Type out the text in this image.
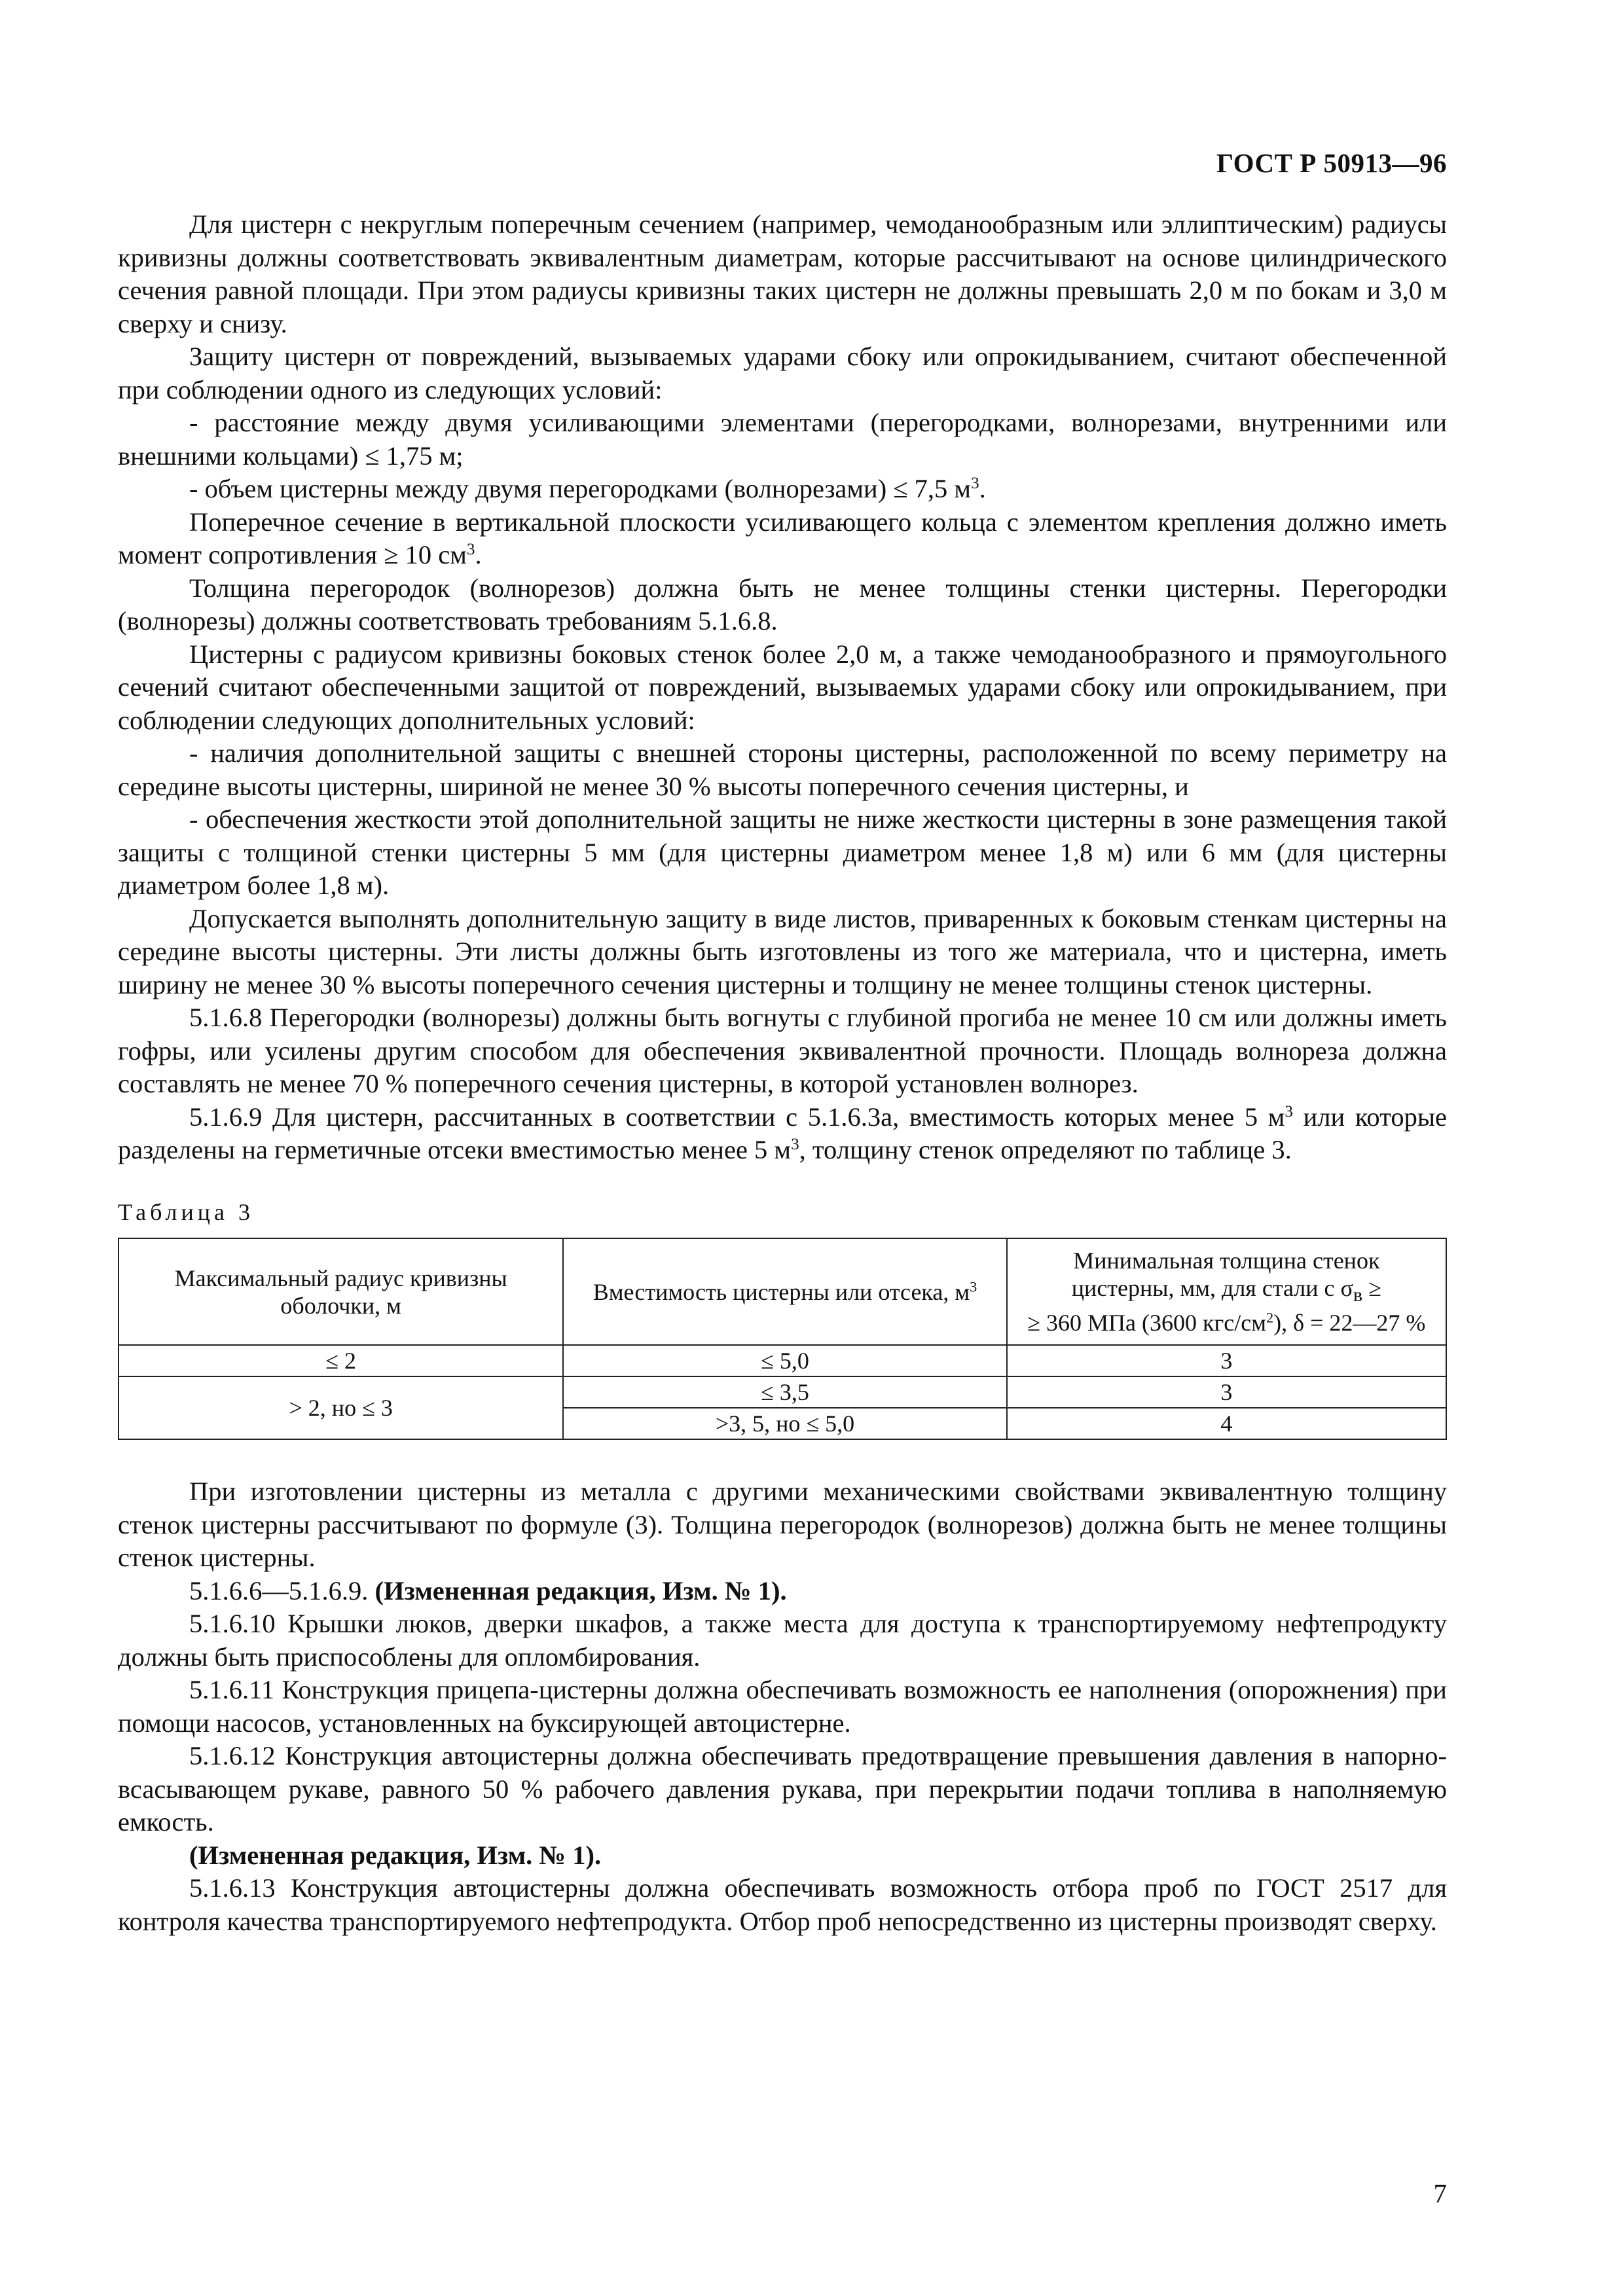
ГОСТ Р 50913—96

Для цистерн с некруглым поперечным сечением (например, чемоданообразным или эллиптическим) радиусы кривизны должны соответствовать эквивалентным диаметрам, которые рассчитывают на основе цилиндрического сечения равной площади. При этом радиусы кривизны таких цистерн не должны превышать 2,0 м по бокам и 3,0 м сверху и снизу.

Защиту цистерн от повреждений, вызываемых ударами сбоку или опрокидыванием, считают обеспеченной при соблюдении одного из следующих условий:

- расстояние между двумя усиливающими элементами (перегородками, волнорезами, внутренними или внешними кольцами) ≤ 1,75 м;

- объем цистерны между двумя перегородками (волнорезами) ≤ 7,5 $м^3$.

Поперечное сечение в вертикальной плоскости усиливающего кольца с элементом крепления должно иметь момент сопротивления ≥ 10 $см^3$.

Толщина перегородок (волнорезов) должна быть не менее толщины стенки цистерны. Перегородки (волнорезы) должны соответствовать требованиям 5.1.6.8.

Цистерны с радиусом кривизны боковых стенок более 2,0 м, а также чемоданообразного и прямоугольного сечений считают обеспеченными защитой от повреждений, вызываемых ударами сбоку или опрокидыванием, при соблюдении следующих дополнительных условий:

- наличия дополнительной защиты с внешней стороны цистерны, расположенной по всему периметру на середине высоты цистерны, шириной не менее 30 % высоты поперечного сечения цистерны, и

- обеспечения жесткости этой дополнительной защиты не ниже жесткости цистерны в зоне размещения такой защиты с толщиной стенки цистерны 5 мм (для цистерны диаметром менее 1,8 м) или 6 мм (для цистерны диаметром более 1,8 м).

Допускается выполнять дополнительную защиту в виде листов, приваренных к боковым стенкам цистерны на середине высоты цистерны. Эти листы должны быть изготовлены из того же материала, что и цистерна, иметь ширину не менее 30 % высоты поперечного сечения цистерны и толщину не менее толщины стенок цистерны.

5.1.6.8 Перегородки (волнорезы) должны быть вогнуты с глубиной прогиба не менее 10 см или должны иметь гофры, или усилены другим способом для обеспечения эквивалентной прочности. Площадь волнореза должна составлять не менее 70 % поперечного сечения цистерны, в которой установлен волнорез.

5.1.6.9 Для цистерн, рассчитанных в соответствии с 5.1.6.3а, вместимость которых менее 5 $м^3$ или которые разделены на герметичные отсеки вместимостью менее 5 $м^3$, толщину стенок определяют по таблице 3.

Таблица 3
Максимальный радиус кривизны оболочки, м	Вместимость цистерны или отсека, $м^3$	Минимальная толщина стенок
цистерны, мм, для стали с $\sigma_в$ ≥
≥ 360 МПа (3600 кгс/$см^2$), δ = 22—27 %
≤ 2	≤ 5,0	3
> 2, но ≤ 3	≤ 3,5	3
	>3, 5, но ≤ 5,0	4

При изготовлении цистерны из металла с другими механическими свойствами эквивалентную толщину стенок цистерны рассчитывают по формуле (3). Толщина перегородок (волнорезов) должна быть не менее толщины стенок цистерны.

5.1.6.6—5.1.6.9. (Измененная редакция, Изм. № 1).

5.1.6.10 Крышки люков, дверки шкафов, а также места для доступа к транспортируемому нефтепродукту должны быть приспособлены для опломбирования.

5.1.6.11 Конструкция прицепа-цистерны должна обеспечивать возможность ее наполнения (опорожнения) при помощи насосов, установленных на буксирующей автоцистерне.

5.1.6.12 Конструкция автоцистерны должна обеспечивать предотвращение превышения давления в напорно-всасывающем рукаве, равного 50 % рабочего давления рукава, при перекрытии подачи топлива в наполняемую емкость.

(Измененная редакция, Изм. № 1).

5.1.6.13 Конструкция автоцистерны должна обеспечивать возможность отбора проб по ГОСТ 2517 для контроля качества транспортируемого нефтепродукта. Отбор проб непосредственно из цистерны производят сверху.

7
